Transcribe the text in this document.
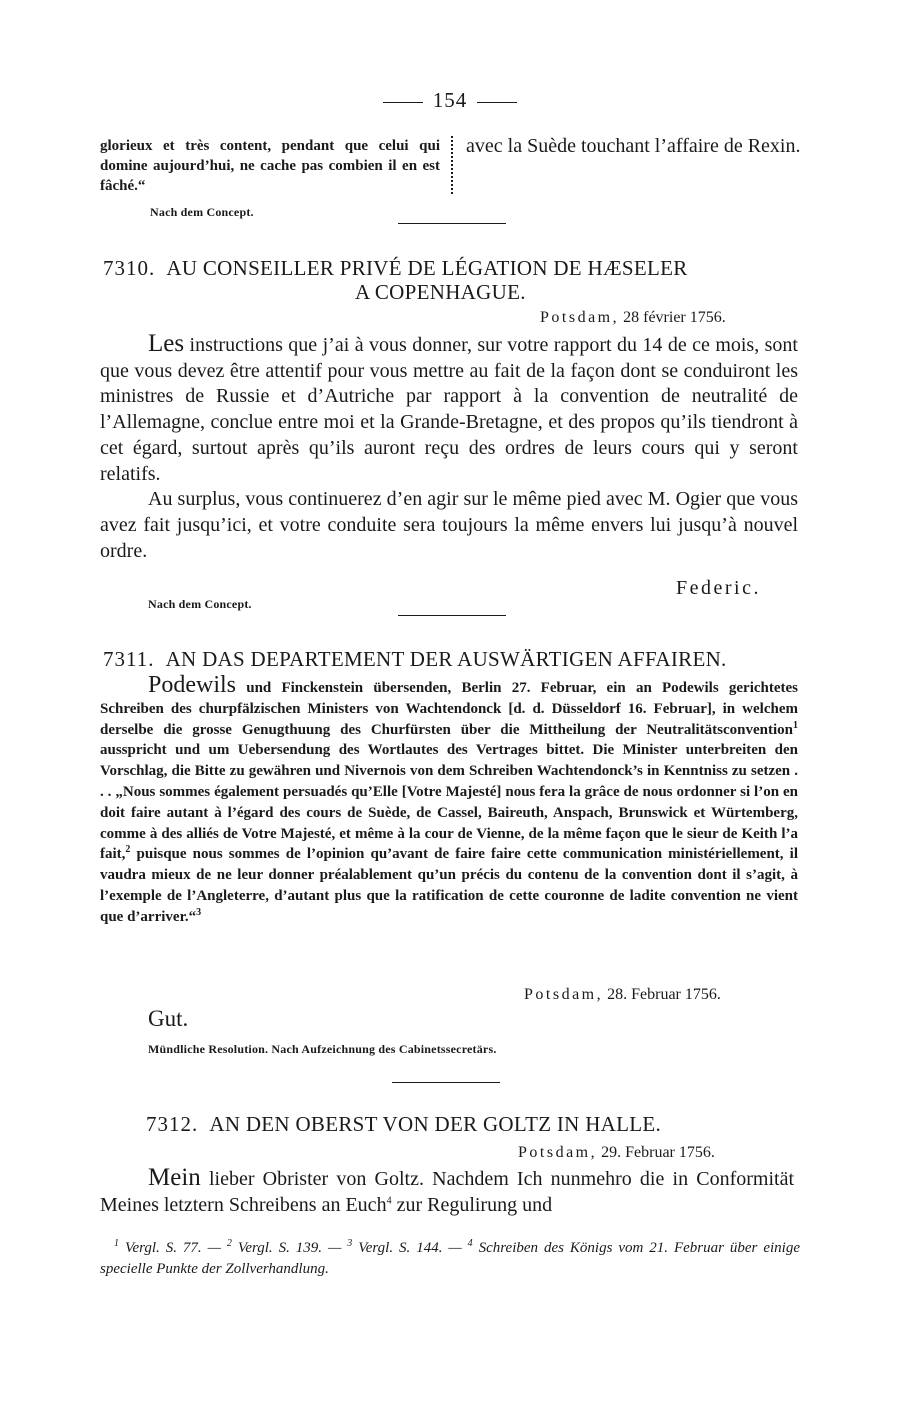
154
glorieux et très content, pendant que celui qui domine aujourd’hui, ne cache pas combien il en est fâché.“
avec la Suède touchant l’affaire de Rexin.
Nach dem Concept.
7310. AU CONSEILLER PRIVÉ DE LÉGATION DE HÆSELER
A COPENHAGUE.
Potsdam, 28 février 1756.

Les instructions que j’ai à vous donner, sur votre rapport du 14 de ce mois, sont que vous devez être attentif pour vous mettre au fait de la façon dont se conduiront les ministres de Russie et d’Autriche par rapport à la convention de neutralité de l’Allemagne, conclue entre moi et la Grande-Bretagne, et des propos qu’ils tiendront à cet égard, surtout après qu’ils auront reçu des ordres de leurs cours qui y seront relatifs.

Au surplus, vous continuerez d’en agir sur le même pied avec M. Ogier que vous avez fait jusqu’ici, et votre conduite sera toujours la même envers lui jusqu’à nouvel ordre.

Federic.
Nach dem Concept.
7311. AN DAS DEPARTEMENT DER AUSWÄRTIGEN AFFAIREN.

Podewils und Finckenstein übersenden, Berlin 27. Februar, ein an Podewils gerichtetes Schreiben des churpfälzischen Ministers von Wachtendonck [d. d. Düsseldorf 16. Februar], in welchem derselbe die grosse Genugthuung des Churfürsten über die Mittheilung der Neutralitätsconvention$^1$ ausspricht und um Uebersendung des Wortlautes des Vertrages bittet. Die Minister unterbreiten den Vorschlag, die Bitte zu gewähren und Nivernois von dem Schreiben Wachtendonck’s in Kenntniss zu setzen . . . „Nous sommes également persuadés qu’Elle [Votre Majesté] nous fera la grâce de nous ordonner si l’on en doit faire autant à l’égard des cours de Suède, de Cassel, Baireuth, Anspach, Brunswick et Würtemberg, comme à des alliés de Votre Majesté, et même à la cour de Vienne, de la même façon que le sieur de Keith l’a fait,$^2$ puisque nous sommes de l’opinion qu’avant de faire faire cette communication ministériellement, il vaudra mieux de ne leur donner préalablement qu’un précis du contenu de la convention dont il s’agit, à l’exemple de l’Angleterre, d’autant plus que la ratification de cette couronne de ladite convention ne vient que d’arriver.“$^3$

Potsdam, 28. Februar 1756.
Gut.
Mündliche Resolution. Nach Aufzeichnung des Cabinetssecretärs.
7312. AN DEN OBERST VON DER GOLTZ IN HALLE.
Potsdam, 29. Februar 1756.

Mein lieber Obrister von Goltz. Nachdem Ich nunmehro die in Conformität Meines letztern Schreibens an Euch$^4$ zur Regulirung und

$^1$ Vergl. S. 77. — $^2$ Vergl. S. 139. — $^3$ Vergl. S. 144. — $^4$ Schreiben des Königs vom 21. Februar über einige specielle Punkte der Zollverhandlung.
